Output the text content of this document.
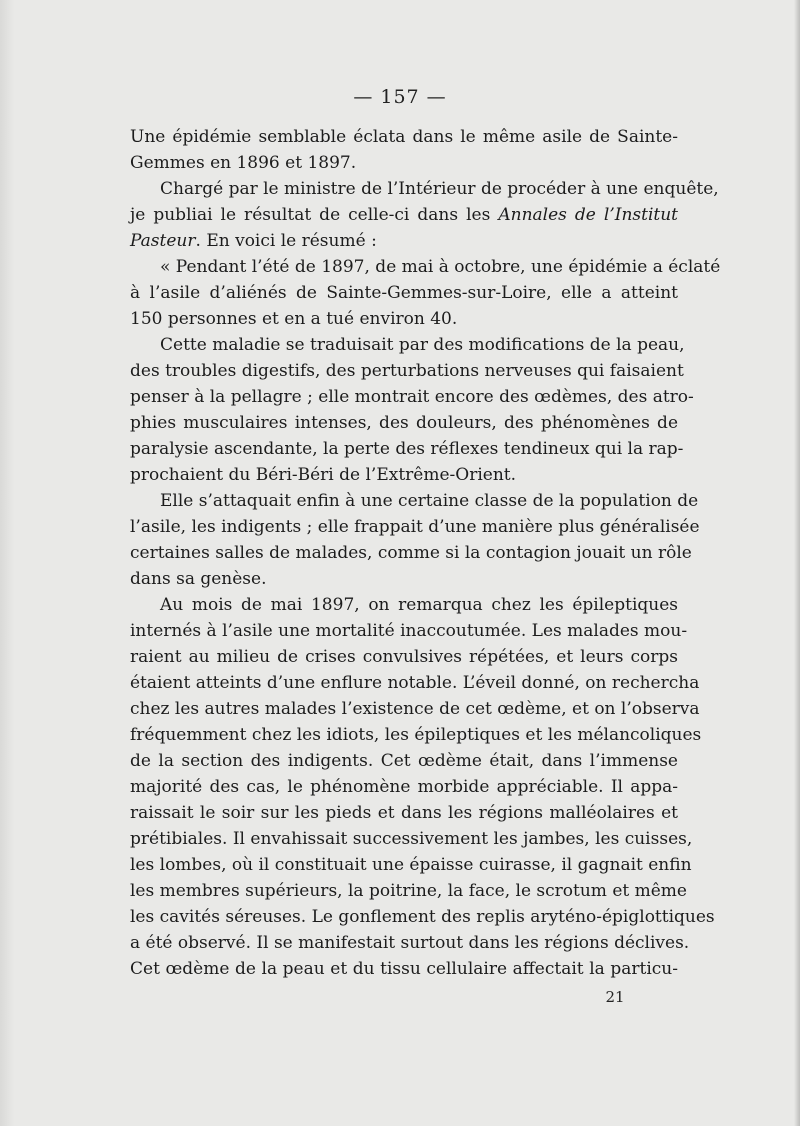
— 157 —
Une épidémie semblable éclata dans le même asile de Sainte-
Gemmes en 1896 et 1897.
Chargé par le ministre de l’Intérieur de procéder à une enquête,
je publiai le résultat de celle-ci dans les Annales de l’Institut
Pasteur. En voici le résumé :
« Pendant l’été de 1897, de mai à octobre, une épidémie a éclaté
à l’asile d’aliénés de Sainte-Gemmes-sur-Loire, elle a atteint
150 personnes et en a tué environ 40.
Cette maladie se traduisait par des modifications de la peau,
des troubles digestifs, des perturbations nerveuses qui faisaient
penser à la pellagre ; elle montrait encore des œdèmes, des atro-
phies musculaires intenses, des douleurs, des phénomènes de
paralysie ascendante, la perte des réflexes tendineux qui la rap-
prochaient du Béri-Béri de l’Extrême-Orient.
Elle s’attaquait enfin à une certaine classe de la population de
l’asile, les indigents ; elle frappait d’une manière plus généralisée
certaines salles de malades, comme si la contagion jouait un rôle
dans sa genèse.
Au mois de mai 1897, on remarqua chez les épileptiques
internés à l’asile une mortalité inaccoutumée. Les malades mou-
raient au milieu de crises convulsives répétées, et leurs corps
étaient atteints d’une enflure notable. L’éveil donné, on rechercha
chez les autres malades l’existence de cet œdème, et on l’observa
fréquemment chez les idiots, les épileptiques et les mélancoliques
de la section des indigents. Cet œdème était, dans l’immense
majorité des cas, le phénomène morbide appréciable. Il appa-
raissait le soir sur les pieds et dans les régions malléolaires et
prétibiales. Il envahissait successivement les jambes, les cuisses,
les lombes, où il constituait une épaisse cuirasse, il gagnait enfin
les membres supérieurs, la poitrine, la face, le scrotum et même
les cavités séreuses. Le gonflement des replis aryténo-épiglottiques
a été observé. Il se manifestait surtout dans les régions déclives.
Cet œdème de la peau et du tissu cellulaire affectait la particu-
21
